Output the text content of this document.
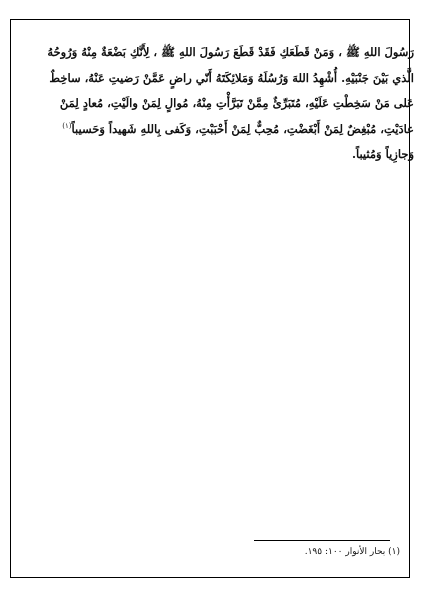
رَسُولَ اللهِ ﷺ ، وَمَنْ قَطَعَكِ فَقَدْ قَطَعَ رَسُولَ اللهِ ﷺ ، لِأَنَّكِ بَضْعَةٌ مِنْهُ وَرُوحُهُ
الَّذي بَيْنَ جَنْبَيْهِ. أُشْهِدُ اللهَ وَرُسُلَهُ وَمَلائِكَتَهُ أَنّي راضٍ عَمَّنْ رَضيتِ عَنْهُ، ساخِطٌ
عَلى مَنْ سَخِطْتِ عَلَيْهِ، مُتَبَرِّئٌ مِمَّنْ تَبَرَّأْتِ مِنْهُ، مُوالٍ لِمَنْ والَيْتِ، مُعادٍ لِمَنْ
عادَيْتِ، مُبْغِضٌ لِمَنْ أَبْغَضْتِ، مُحِبٌّ لِمَنْ أَحْبَبْتِ، وَكَفى بِاللهِ شَهيداً وَحَسيباً$^{(١)}$
وَجازِياً وَمُثيباً.
(١) بحار الأنوار ١٠٠: ١٩٥.
